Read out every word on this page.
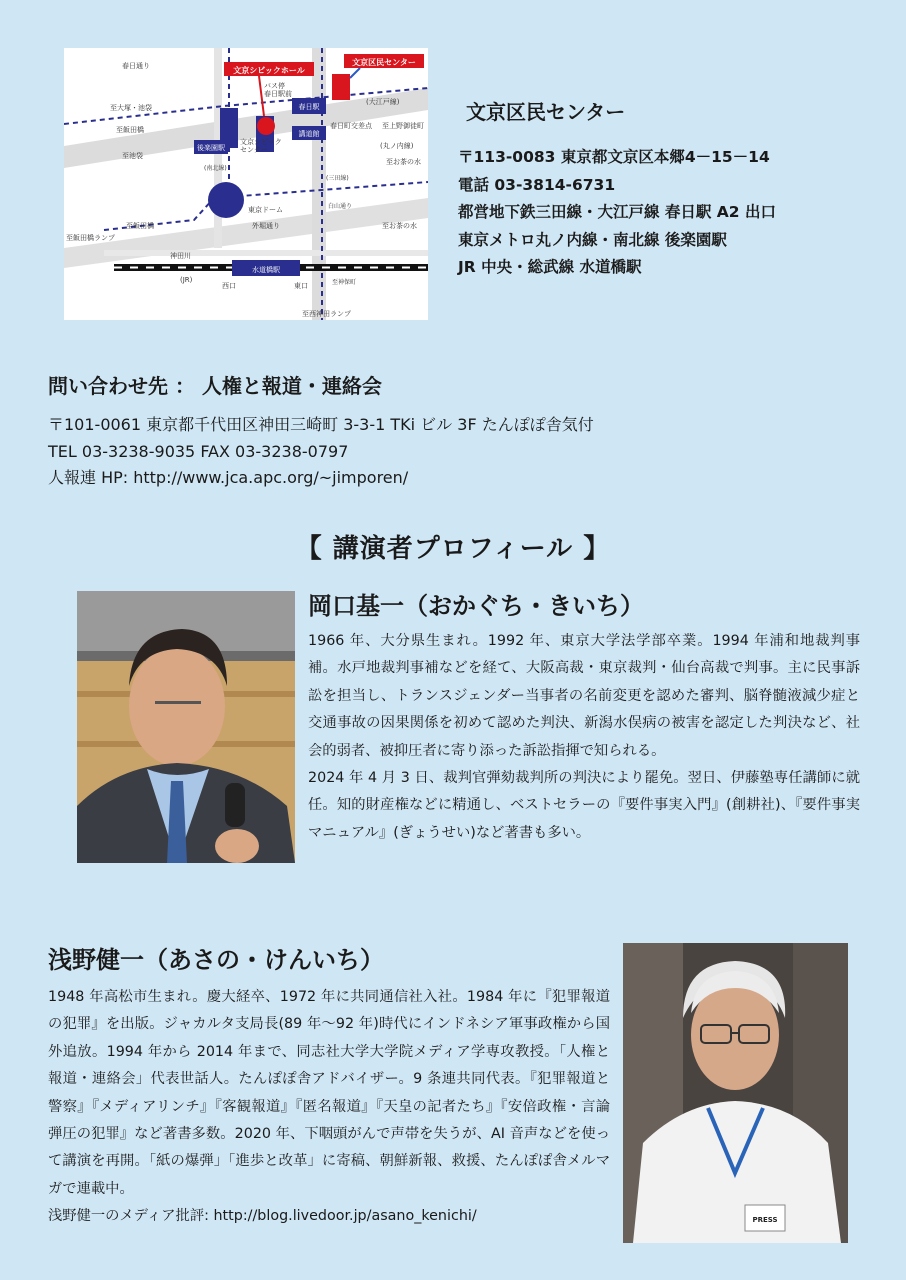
文京シビックホール
文京区民センター
バス停
春日駅前
春日駅
後楽園駅
文京シビック
センター
講道館
春日通り
至大塚・池袋
至飯田橋
至池袋
(大江戸線)
春日町交差点 至上野御徒町
(丸ノ内線)
至お茶の水
(南北線)
(三田線)
白山通り
東京ドーム
外堀通り
至飯田橋	至お茶の水
至飯田橋ランプ
神田川
水道橋駅
(JR)
西口	東口	至神保町
至西神田ランプ
文京区民センター
〒113-0083 東京都文京区本郷4－15－14
電話 03-3814-6731
都営地下鉄三田線・大江戸線 春日駅 A2 出口
東京メトロ丸ノ内線・南北線 後楽園駅
JR 中央・総武線 水道橋駅
問い合わせ先 ： 人権と報道・連絡会
〒101-0061 東京都千代田区神田三崎町 3-3-1 TKi ビル 3F たんぽぽ舎気付
TEL 03-3238-9035 FAX 03-3238-0797
人報連 HP: http://www.jca.apc.org/~jimporen/
【 講演者プロフィール 】
岡口基一（おかぐち・きいち）

1966 年、大分県生まれ。1992 年、東京大学法学部卒業。1994 年浦和地裁判事補。水戸地裁判事補などを経て、大阪高裁・東京裁判・仙台高裁で判事。主に民事訴訟を担当し、トランスジェンダー当事者の名前変更を認めた審判、脳脊髄液減少症と交通事故の因果関係を初めて認めた判決、新潟水俣病の被害を認定した判決など、社会的弱者、被抑圧者に寄り添った訴訟指揮で知られる。

2024 年 4 月 3 日、裁判官弾劾裁判所の判決により罷免。翌日、伊藤塾専任講師に就任。知的財産権などに精通し、ベストセラーの『要件事実入門』(創耕社)、『要件事実マニュアル』(ぎょうせい)など著書も多い。

浅野健一（あさの・けんいち）

1948 年高松市生まれ。慶大経卒、1972 年に共同通信社入社。1984 年に『犯罪報道の犯罪』を出版。ジャカルタ支局長(89 年～92 年)時代にインドネシア軍事政権から国外追放。1994 年から 2014 年まで、同志社大学大学院メディア学専攻教授。「人権と報道・連絡会」代表世話人。たんぽぽ舎アドバイザー。9 条連共同代表。『犯罪報道と警察』『メディアリンチ』『客観報道』『匿名報道』『天皇の記者たち』『安倍政権・言論弾圧の犯罪』など著書多数。2020 年、下咽頭がんで声帯を失うが、AI 音声などを使って講演を再開。「紙の爆弾」「進歩と改革」に寄稿、朝鮮新報、救援、たんぽぽ舎メルマガで連載中。

浅野健一のメディア批評: http://blog.livedoor.jp/asano_kenichi/	PRESS
